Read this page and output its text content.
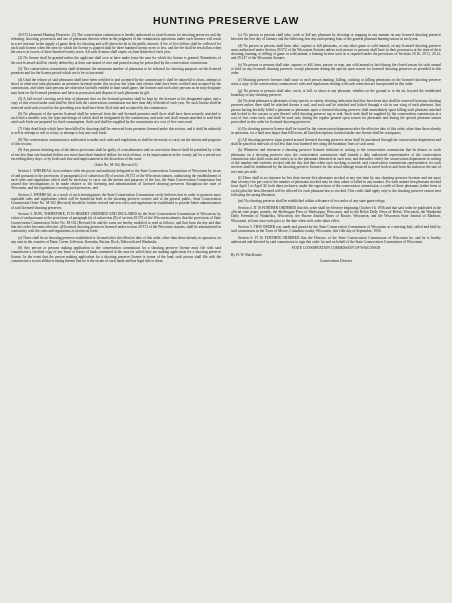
HUNTING PRESERVE LAW

29.572 Licensed Hunting Preserves. (1) The conservation commission is hereby authorized to issue licenses for shooting preserves and the releasing, shooting, possession and use of pheasants thereon when in the judgment of the commission operations under such licenses will result in a net increase in the supply of game birds for shooting and will otherwise be in the public interest. A fee of five dollars shall be collected for each such license when the area for which the license is granted shall be three hundred twenty acres or less, and the fee shall be ten dollars when the area is in excess of three hundred twenty acres. All such licenses shall expire on June thirtieth of each year.

(2) No license shall be granted unless the applicant shall own or have under lease the area for which the license is granted. Boundaries of the area licensed shall be clearly defined by at least one strand of wire and posted as may be prescribed by the conservation commission.

(3) The conservation commission shall determine the minimum number of pheasants to be released for shooting purposes on the licensed premises and for the license period which are to be so harvested.

(4) Until the release of said pheasants shall have been certified to and accepted by the commission it shall be unlawful to shoot, attempt to shoot or otherwise take pheasants on premises licensed under this section, but when said release shall have been certified and accepted by the commission, and when such persons are otherwise lawfully entitled to hunt small game, the licensee and such other persons as he may designate may hunt on the licensed premises and have in possession and dispose of such pheasants by gift.

(5) A full record covering each item of pheasant shot on the licensed premises shall be kept by the licensee or his designated agent, and a copy of this record under oath shall be filed with the conservation commission not later than July fifteenth of each year. No such license shall be renewed until such record for the preceding year shall have been filed with and accepted by the commission.

(6) No pheasant of the species licensed shall be removed from the said licensed premises until there shall have been securely attached to each bird a metallic seal, the type and design of which shall be designated by the commission, and such seal shall remain attached to said birds until such birds are prepared for final consumption. Such seal shall be supplied by the commission at a cost of five cents each.

(7) Only dead birds which have been killed by shooting shall be removed from premises licensed under this section, and it shall be unlawful to sell or attempt to sell or to buy or attempt to buy any such birds.

(8) The conservation commission is authorized to make such rules and regulations as shall be necessary to carry out the intents and purposes of this section.

(9) Any person violating any of the above provisions shall be guilty of a misdemeanor and on conviction thereof shall be punished by a fine of not less than one hundred dollars nor more than three hundred dollars for each offense, or by imprisonment in the county jail for a period not exceeding thirty days, or by both such fine and imprisonment in the discretion of the court.

Order No. M-102 (Revised 5)

Section 1. WHEREAS, in accordance with the power and authority delegated to the State Conservation Commission of Wisconsin by virtue of and pursuant to the provisions of paragraph (a) of subsection (8) of section 29.572 of the Wisconsin statutes, authorizing the establishment of such rules and regulations which shall be necessary to carry out the intents and purposes of the law, the State Conservation Commission has caused due investigations to be made relative to the licensing and administration of licensed shooting preserves throughout the state of Wisconsin, and the regulations covering such preserves, and

Section 2. WHEREAS, as a result of such investigations the State Conservation Commission verily believes that in order to promote more equitable rules and regulations which will be beneficial both to the shooting preserve owners and to the general public, State Conservation Commission Order No. M-102 (Revised) should be further revised and new rules and regulations be established to provide better administration of said licensed shooting preserves.

Section 3. NOW, THEREFORE, IT IS HEREBY ORDERED AND DECLARED by the State Conservation Commission of Wisconsin, by virtue of and pursuant to the provisions of paragraph (a) of subsection (8) of section 29.572 of the Wisconsin statutes, that the provisions of State Conservation Commission Order No. M-102 (Revised) be and the same are hereby modified to read as follows, and that from the day and date that this order becomes effective, all licensed shooting preserves licensed under section 29.572 of the Wisconsin statutes, shall be administered in conformity with the rules and regulations as herein set forth:

(a) There shall be no shooting preserve established or licensed after the effective date of this order, other than those already in operation, on any area in the counties of Dane, Green, Jefferson, Kenosha, Racine, Rock, Walworth and Waukesha.

(b) Any person or persons making application to the conservation commission for a shooting preserve license must file with said commission a certified copy of any lease or leases of lands contained in the area for which they are making application for a shooting preserve license. In the event that the person making application for a shooting preserve license is owner of the land, such person shall file with the commission a sworn affidavit stating therein that he is the owner of such lands and has legal title to them.

(c) No person or persons shall take, catch or kill any pheasant by shooting or trapping in any manner on any licensed shooting preserve between the first day of January and the following first day and opening hour of the general pheasant hunting season in each year.

(d) No person or persons shall hunt, take, capture or kill pheasants, or any other game or wild animal, on any licensed shooting preserve areas authorized under Section 29.572 of the Wisconsin Statutes unless such person or persons shall have in their possession at the time of their shooting, hunting, or killing of game or wild animal, a hunting license such as is required under the provisions of Sections 29.16, 29.11, 29.12, and 29.147 of the Wisconsin Statutes.

(e) No person or persons shall take, capture, or kill, hunt, pursue, or trap, any wild animal or bird during the closed season for such animal or bird on any licensed shooting preserve, except pheasants during the special open season for licensed shooting preserves as provided in this order.

(f) Shooting preserve licenses shall issue to each person hunting, killing, catching or killing pheasants on the licensed shooting preserve areas a copy of the conservation commission's rules and regulations dealing with such areas that are incorporated in this order.

(g) No person or persons shall take, catch, or kill, or shoot at any pheasant, whether on the ground or in the air, beyond the established boundary of any shooting preserve.

(h) No dead pheasant or pheasants of any species or variety showing indication that they have been shot shall be removed from any shooting preserve unless there shall be attached thereto a seal, and such seal be attached and locked through a slit in one wing of each pheasant. Any person having lawfully killed a pheasant or pheasants upon a licensed shooting preserve shall immediately upon killing such pheasant attached and locked to the carcass or part thereof valid shooting preserve tag or seal. Such seals shall be supplied by the conservation commission at a cost of five cents each, and shall be used only during the regular general open season for pheasants and during the special pheasant season prescribed in this order for licensed shooting preserves.

(i) No shooting preserve license shall be issued by the conservation department after the effective date of this order, other than those already in operation, for a land area larger than 640 acres; all land descriptions licensed under one license shall be contiguous.

(j) All shooting preserve signs posted around licensed shooting preserve areas shall be purchased through the conservation department and shall be placed at intervals of not less than four hundred feet along the boundary lines of such areas.

(k) Whenever and whenever a shooting preserve licensee indicates in writing to the conservation commission that he desires to stock pheasants on a shooting preserve area, the conservation commission shall furnish a duly authorized representative of the conservation commission who shall count and certify as to the pheasants liberated on such area, and thereafter certify the conservation department in writing of the number and varieties stocked and the day and date when such stocking occurred; said conservation commission representative for such services shall be reimbursed by the shooting preserve licensee for the actual mileage incurred in travel both to and from his station at the rate of ten cents per mile.

(l) There shall in no instance be less than twenty-five pheasants stocked at any one time by any shooting preserve licensee and not more than seventy-five per cent of the number of pheasants stocked may be shot, taken or killed in any manner. For each mature hen pheasant stocked from April 1 to April 30, both dates inclusive, under the supervision of the conservation commission, a credit of three pheasants (either hens or cocks) plus the hens liberated will be allowed for each pheasant hen so stocked. This credit shall apply only to the shooting preserve season next following the spring liberation.

(m) No shooting preserve shall be established within a distance of two miles of any state game refuge.

Section 4. IT IS FURTHER ORDERED that this order shall be effective beginning October 16, 1936 and that said order be published in the official state paper, namely, the Sheboygan Press of Sheboygan, Wisconsin, and in the Beloit Daily News of Beloit, Wisconsin, the Waukesha Daily Freeman of Waukesha, Wisconsin, the Racine Journal-Times of Racine, Wisconsin, and the Wisconsin State Journal of Madison, Wisconsin, at least once each prior to the date when such order takes effect.

Section 5. THIS ORDER was made and passed by the State Conservation Commission of Wisconsin at a meeting duly called and held by said commission in the Town of Moore, Columbia county, Wisconsin, this 14th day of September, 1936.

Section 6. IT IS FURTHER ORDERED that the Director of the State Conservation Commission of Wisconsin be, and he is hereby authorized and directed by said commission to sign this order for and on behalf of the State Conservation Commission of Wisconsin.

STATE CONSERVATION COMMISSION OF WISCONSIN

By H. W. MacKenzie

Conservation Director
